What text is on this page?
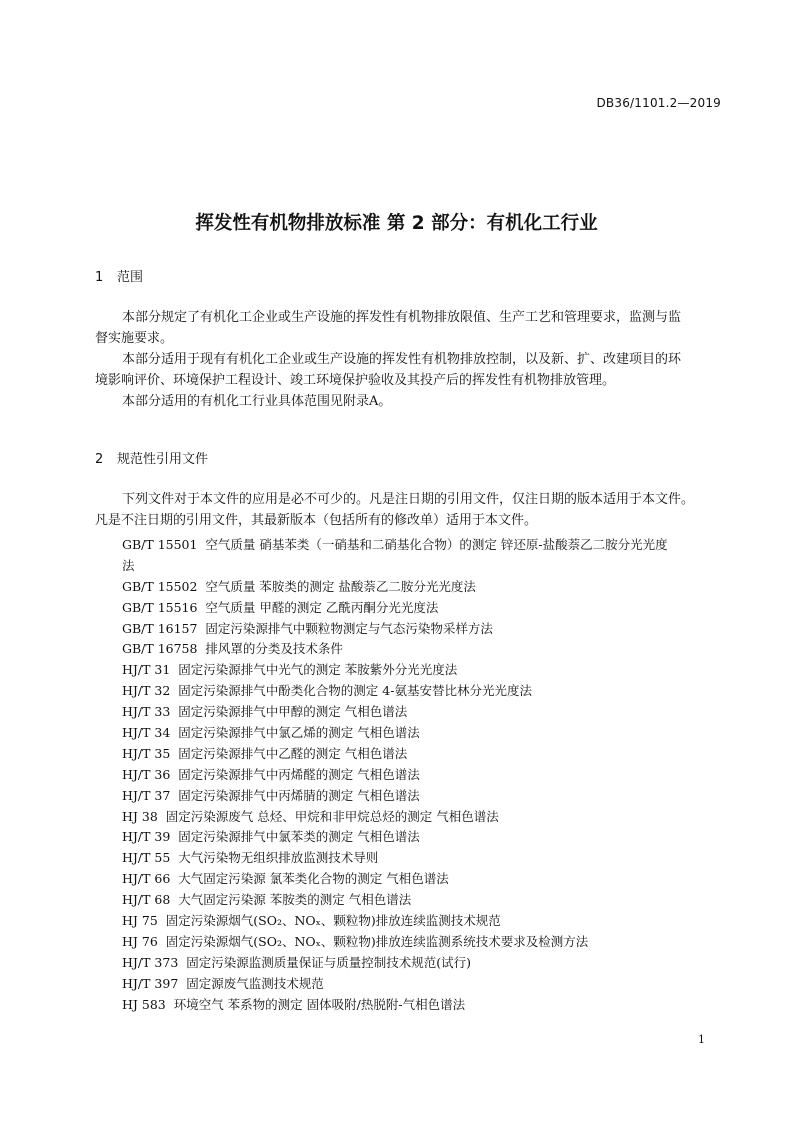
DB36/1101.2—2019
挥发性有机物排放标准 第 2 部分：有机化工行业
1 范围
本部分规定了有机化工企业或生产设施的挥发性有机物排放限值、生产工艺和管理要求，监测与监
督实施要求。
本部分适用于现有有机化工企业或生产设施的挥发性有机物排放控制，以及新、扩、改建项目的环
境影响评价、环境保护工程设计、竣工环境保护验收及其投产后的挥发性有机物排放管理。
本部分适用的有机化工行业具体范围见附录A。
2 规范性引用文件
下列文件对于本文件的应用是必不可少的。凡是注日期的引用文件，仅注日期的版本适用于本文件。
凡是不注日期的引用文件，其最新版本（包括所有的修改单）适用于本文件。
GB/T 15501 空气质量 硝基苯类（一硝基和二硝基化合物）的测定 锌还原-盐酸萘乙二胺分光光度
法
GB/T 15502 空气质量 苯胺类的测定 盐酸萘乙二胺分光光度法
GB/T 15516 空气质量 甲醛的测定 乙酰丙酮分光光度法
GB/T 16157 固定污染源排气中颗粒物测定与气态污染物采样方法
GB/T 16758 排风罩的分类及技术条件
HJ/T 31 固定污染源排气中光气的测定 苯胺紫外分光光度法
HJ/T 32 固定污染源排气中酚类化合物的测定 4-氨基安替比林分光光度法
HJ/T 33 固定污染源排气中甲醇的测定 气相色谱法
HJ/T 34 固定污染源排气中氯乙烯的测定 气相色谱法
HJ/T 35 固定污染源排气中乙醛的测定 气相色谱法
HJ/T 36 固定污染源排气中丙烯醛的测定 气相色谱法
HJ/T 37 固定污染源排气中丙烯腈的测定 气相色谱法
HJ 38 固定污染源废气 总烃、甲烷和非甲烷总烃的测定 气相色谱法
HJ/T 39 固定污染源排气中氯苯类的测定 气相色谱法
HJ/T 55 大气污染物无组织排放监测技术导则
HJ/T 66 大气固定污染源 氯苯类化合物的测定 气相色谱法
HJ/T 68 大气固定污染源 苯胺类的测定 气相色谱法
HJ 75 固定污染源烟气(SO₂、NOₓ、颗粒物)排放连续监测技术规范
HJ 76 固定污染源烟气(SO₂、NOₓ、颗粒物)排放连续监测系统技术要求及检测方法
HJ/T 373 固定污染源监测质量保证与质量控制技术规范(试行)
HJ/T 397 固定源废气监测技术规范
HJ 583 环境空气 苯系物的测定 固体吸附/热脱附-气相色谱法
1
